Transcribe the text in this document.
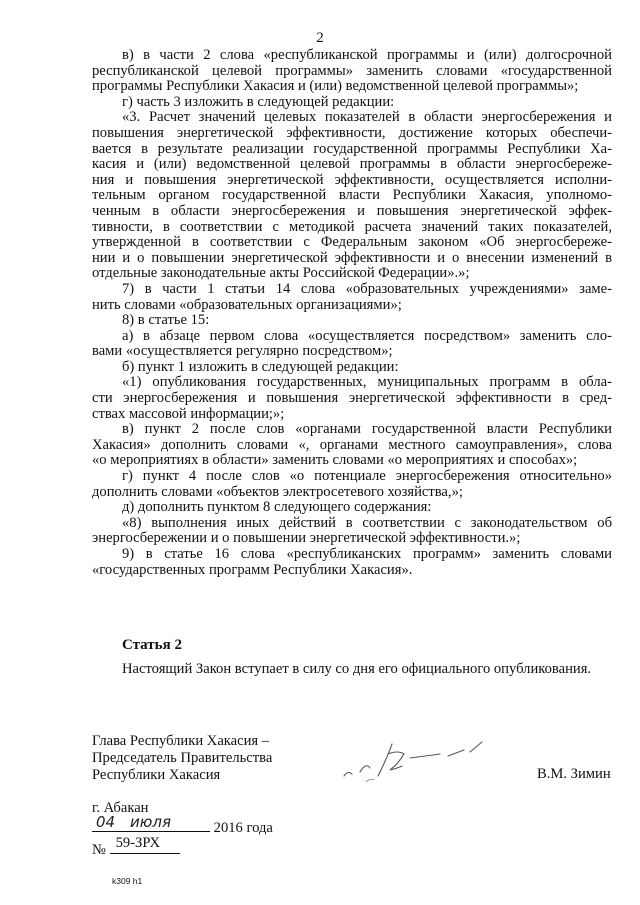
2
в) в части 2 слова «республиканской программы и (или) долгосрочной
республиканской целевой программы» заменить словами «государственной
программы Республики Хакасия и (или) ведомственной целевой программы»;
г) часть 3 изложить в следующей редакции:
«3. Расчет значений целевых показателей в области энергосбережения и
повышения энергетической эффективности, достижение которых обеспечи-
вается в результате реализации государственной программы Республики Ха-
касия и (или) ведомственной целевой программы в области энергосбереже-
ния и повышения энергетической эффективности, осуществляется исполни-
тельным органом государственной власти Республики Хакасия, уполномо-
ченным в области энергосбережения и повышения энергетической эффек-
тивности, в соответствии с методикой расчета значений таких показателей,
утвержденной в соответствии с Федеральным законом «Об энергосбереже-
нии и о повышении энергетической эффективности и о внесении изменений в
отдельные законодательные акты Российской Федерации».»;
7) в части 1 статьи 14 слова «образовательных учреждениями» заме-
нить словами «образовательных организациями»;
8) в статье 15:
а) в абзаце первом слова «осуществляется посредством» заменить сло-
вами «осуществляется регулярно посредством»;
б) пункт 1 изложить в следующей редакции:
«1) опубликования государственных, муниципальных программ в обла-
сти энергосбережения и повышения энергетической эффективности в сред-
ствах массовой информации;»;
в) пункт 2 после слов «органами государственной власти Республики
Хакасия» дополнить словами «, органами местного самоуправления», слова
«о мероприятиях в области» заменить словами «о мероприятиях и способах»;
г) пункт 4 после слов «о потенциале энергосбережения относительно»
дополнить словами «объектов электросетевого хозяйства,»;
д) дополнить пунктом 8 следующего содержания:
«8) выполнения иных действий в соответствии с законодательством об
энергосбережении и о повышении энергетической эффективности.»;
9) в статье 16 слова «республиканских программ» заменить словами
«государственных программ Республики Хакасия».
Статья 2
Настоящий Закон вступает в силу со дня его официального опубликования.
Глава Республики Хакасия –
Председатель Правительства
Республики Хакасия	В.М. Зимин
г. Абакан
04 июля	2016 года
№ 59-ЗРХ
k309 h1
